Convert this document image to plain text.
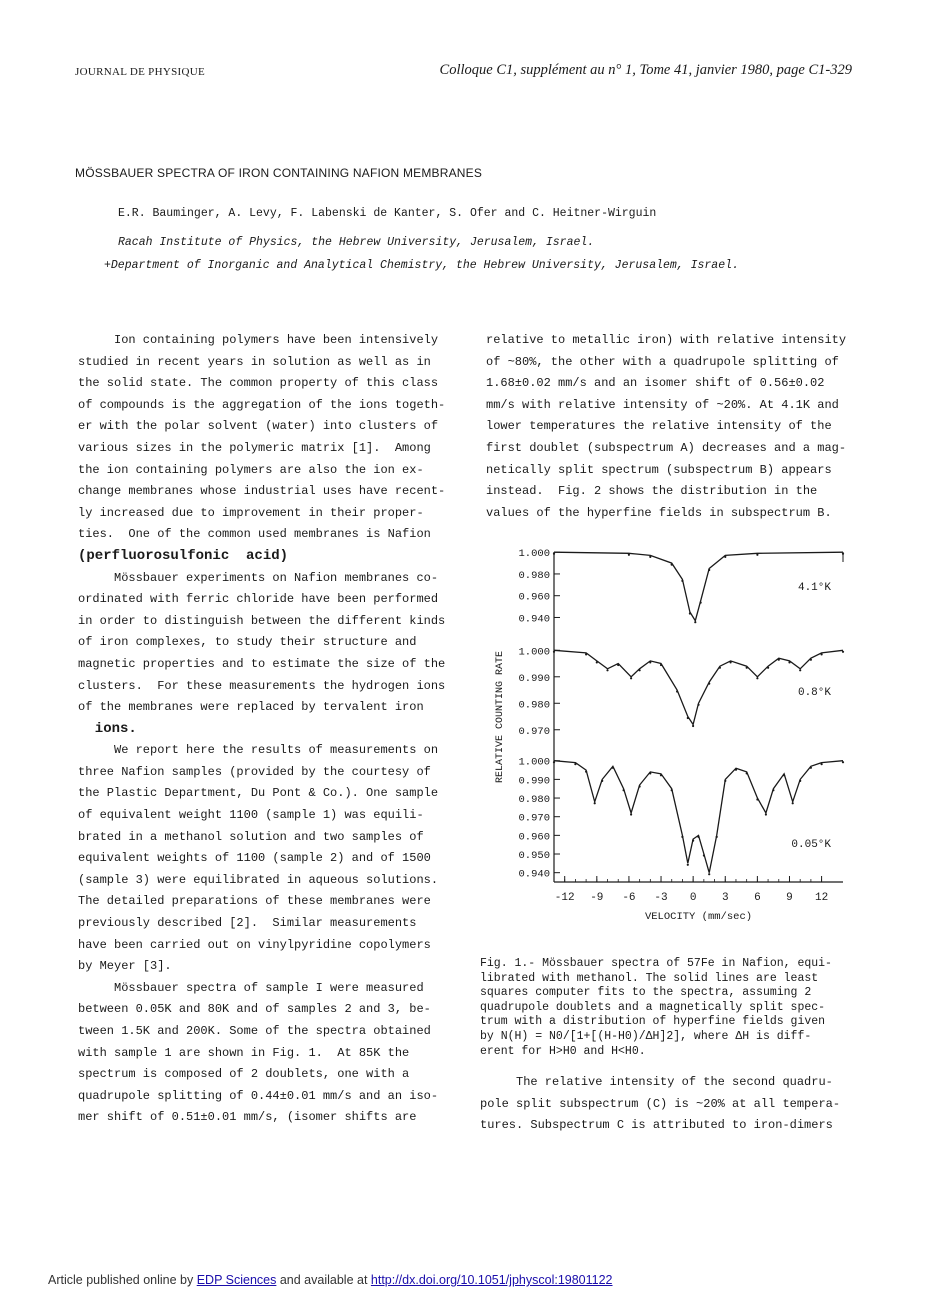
JOURNAL DE PHYSIQUE	Colloque C1, supplément au n° 1, Tome 41, janvier 1980, page C1-329
MÖSSBAUER SPECTRA OF IRON CONTAINING NAFION MEMBRANES
E.R. Bauminger, A. Levy, F. Labenski de Kanter, S. Ofer and C. Heitner-Wirguin
Racah Institute of Physics, the Hebrew University, Jerusalem, Israel.
+Department of Inorganic and Analytical Chemistry, the Hebrew University, Jerusalem, Israel.
Ion containing polymers have been intensively
studied in recent years in solution as well as in
the solid state. The common property of this class
of compounds is the aggregation of the ions togeth-
er with the polar solvent (water) into clusters of
various sizes in the polymeric matrix [1].  Among
the ion containing polymers are also the ion ex-
change membranes whose industrial uses have recent-
ly increased due to improvement in their proper-
ties.  One of the common used membranes is Nafion
(perfluorosulfonic  acid)
Mössbauer experiments on Nafion membranes co-
ordinated with ferric chloride have been performed
in order to distinguish between the different kinds
of iron complexes, to study their structure and
magnetic properties and to estimate the size of the
clusters.  For these measurements the hydrogen ions
of the membranes were replaced by tervalent iron
ions.
We report here the results of measurements on
three Nafion samples (provided by the courtesy of
the Plastic Department, Du Pont & Co.). One sample
of equivalent weight 1100 (sample 1) was equili-
brated in a methanol solution and two samples of
equivalent weights of 1100 (sample 2) and of 1500
(sample 3) were equilibrated in aqueous solutions.
The detailed preparations of these membranes were
previously described [2].  Similar measurements
have been carried out on vinylpyridine copolymers
by Meyer [3].
Mössbauer spectra of sample I were measured
between 0.05K and 80K and of samples 2 and 3, be-
tween 1.5K and 200K. Some of the spectra obtained
with sample 1 are shown in Fig. 1.  At 85K the
spectrum is composed of 2 doublets, one with a
quadrupole splitting of 0.44±0.01 mm/s and an iso-
mer shift of 0.51±0.01 mm/s, (isomer shifts are
relative to metallic iron) with relative intensity
of ~80%, the other with a quadrupole splitting of
1.68±0.02 mm/s and an isomer shift of 0.56±0.02
mm/s with relative intensity of ~20%. At 4.1K and
lower temperatures the relative intensity of the
first doublet (subspectrum A) decreases and a mag-
netically split spectrum (subspectrum B) appears
instead.  Fig. 2 shows the distribution in the
values of the hyperfine fields in subspectrum B.
-12 -9 -6 -3 0 3 6 9 12
VELOCITY (mm/sec)
RELATIVE COUNTING RATE
1.000
0.980
0.960
0.940
4.1°K
1.000
0.990
0.980
0.970
0.8°K
1.000
0.990
0.980
0.970
0.960
0.950
0.940
0.05°K
Fig. 1.- Mössbauer spectra of 57Fe in Nafion, equi-
librated with methanol. The solid lines are least
squares computer fits to the spectra, assuming 2
quadrupole doublets and a magnetically split spec-
trum with a distribution of hyperfine fields given
by N(H) = N0/[1+[(H-H0)/ΔH]2], where ΔH is diff-
erent for H>H0 and H<H0.
The relative intensity of the second quadru-
pole split subspectrum (C) is ~20% at all tempera-
tures. Subspectrum C is attributed to iron-dimers
Article published online by EDP Sciences and available at http://dx.doi.org/10.1051/jphyscol:19801122
